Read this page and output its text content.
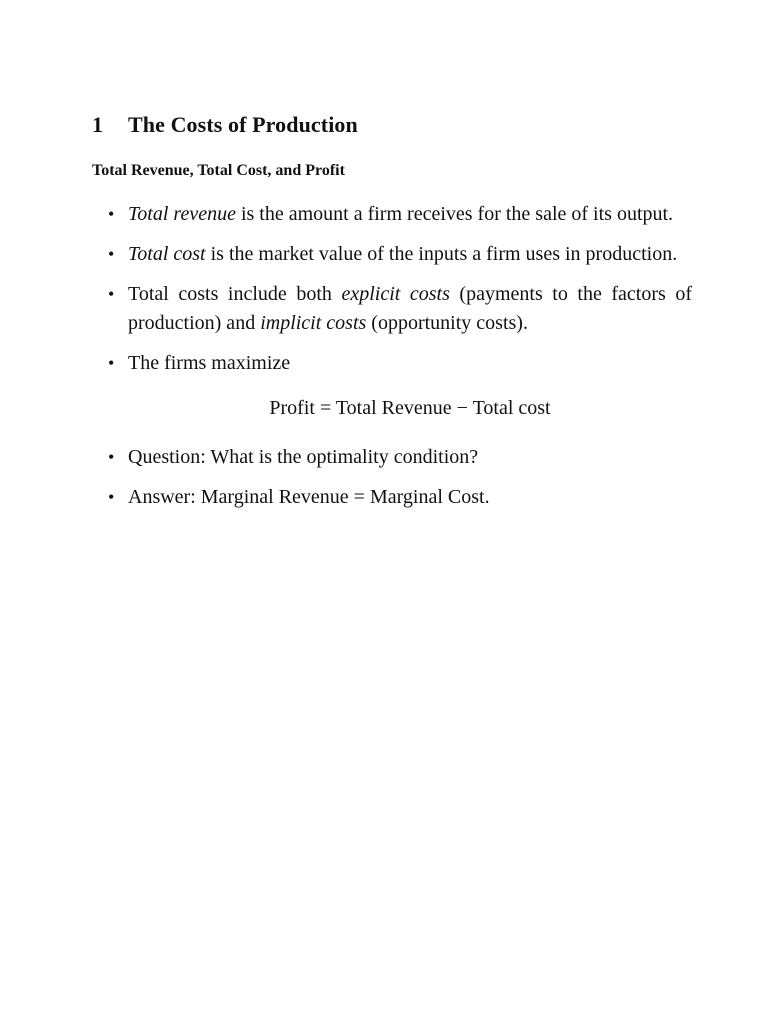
1 The Costs of Production
Total Revenue, Total Cost, and Profit
• Total revenue is the amount a firm receives for the sale of its output.
• Total cost is the market value of the inputs a firm uses in production.
• Total costs include both explicit costs (payments to the factors of production) and implicit costs (opportunity costs).
• The firms maximize
Profit = Total Revenue − Total cost
• Question: What is the optimality condition?
• Answer: Marginal Revenue = Marginal Cost.
